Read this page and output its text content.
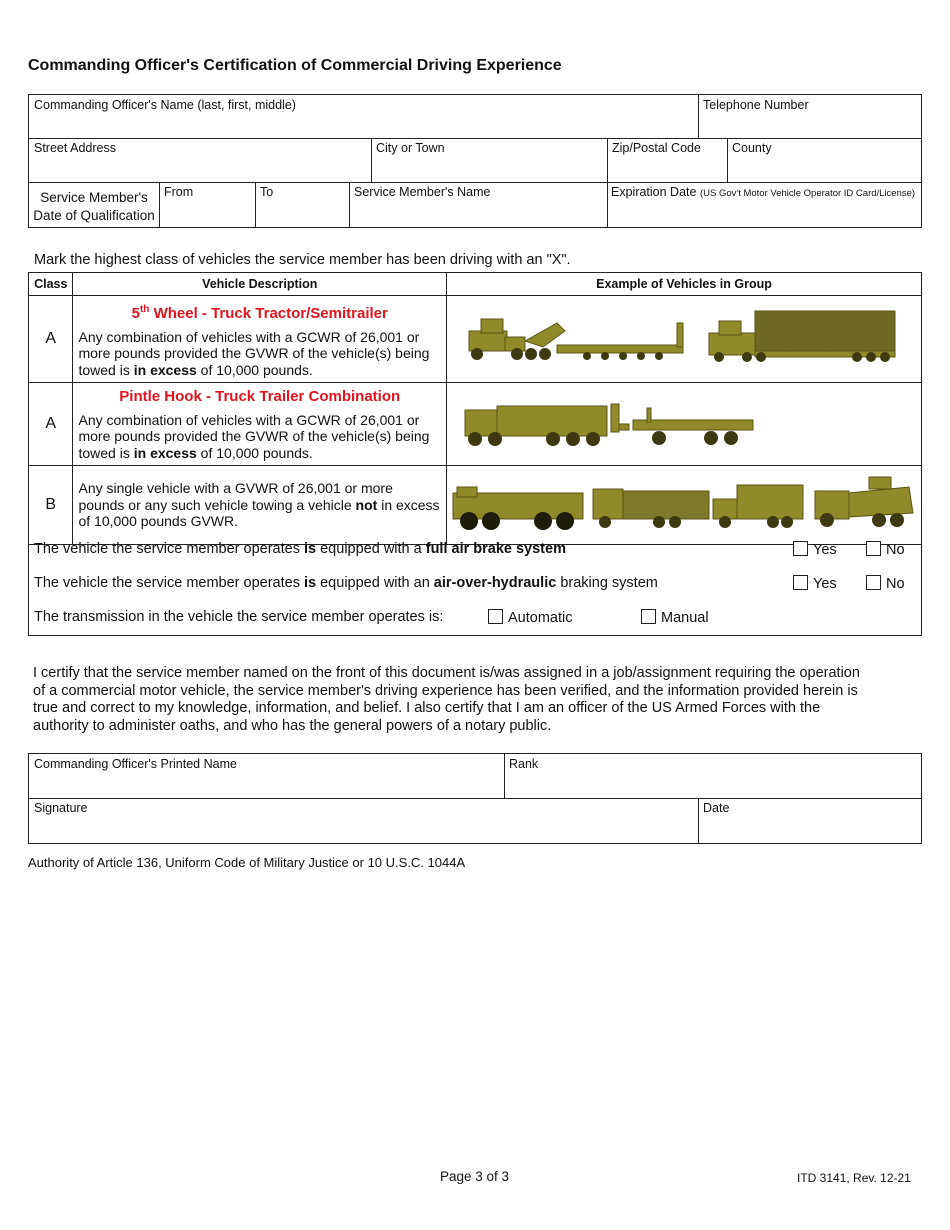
Commanding Officer's Certification of Commercial Driving Experience
Commanding Officer's Name (last, first, middle)	Telephone Number
Street Address	City or Town	Zip/Postal Code	County
Service Member's
Date of Qualification
From	To	Service Member's Name	Expiration Date (US Gov't Motor Vehicle Operator ID Card/License)
Mark the highest class of vehicles the service member has been driving with an "X".
Class	Vehicle Description	Example of Vehicles in Group
A	5th Wheel - Truck Tractor/Semitrailer
Any combination of vehicles with a GCWR of 26,001 or more pounds provided the GVWR of the vehicle(s) being towed is in excess of 10,000 pounds.	

A	Pintle Hook - Truck Trailer Combination
Any combination of vehicles with a GCWR of 26,001 or more pounds provided the GVWR of the vehicle(s) being towed is in excess of 10,000 pounds.	

B	Any single vehicle with a GVWR of 26,001 or more pounds or any such vehicle towing a vehicle not in excess of 10,000 pounds GVWR.	
The vehicle the service member operates is equipped with a full air brake system	Yes	No
The vehicle the service member operates is equipped with an air-over-hydraulic braking system	Yes	No
The transmission in the vehicle the service member operates is:	Automatic	Manual
I certify that the service member named on the front of this document is/was assigned in a job/assignment requiring the operation of a commercial motor vehicle, the service member's driving experience has been verified, and the information provided herein is true and correct to my knowledge, information, and belief. I also certify that I am an officer of the US Armed Forces with the authority to administer oaths, and who has the general powers of a notary public.
Commanding Officer's Printed Name	Rank
Signature	Date
Authority of Article 136, Uniform Code of Military Justice or 10 U.S.C. 1044A
Page 3 of 3	ITD 3141, Rev. 12-21
